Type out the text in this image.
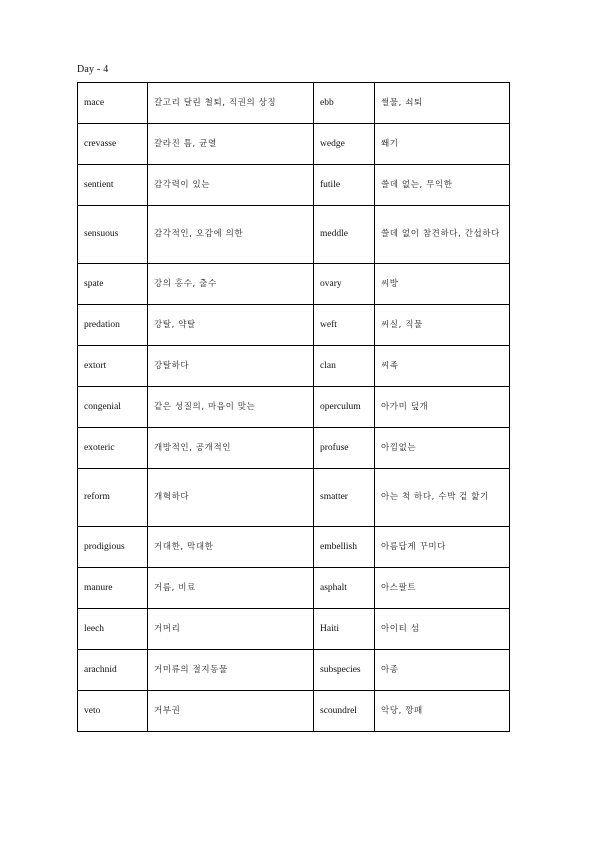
Day - 4
mace	갈고리 달린 철퇴, 직권의 상징	ebb	썰물, 쇠퇴
crevasse	갈라진 틈, 균열	wedge	쐐기
sentient	감각력이 있는	futile	쓸데 없는, 무익한
sensuous	감각적인, 오감에 의한	meddle	쓸데 없이 참견하다, 간섭하다
spate	강의 홍수, 출수	ovary	씨방
predation	강탈, 약탈	weft	씨실, 직물
extort	강탈하다	clan	씨족
congenial	같은 성질의, 마음이 맞는	operculum	아가미 덮개
exoteric	개방적인, 공개적인	profuse	아낌없는
reform	개혁하다	smatter	아는 척 하다, 수박 겉 핥기
prodigious	거대한, 막대한	embellish	아름답게 꾸미다
manure	거름, 비료	asphalt	아스팔트
leech	거머리	Haiti	아이티 섬
arachnid	거미류의 절지동물	subspecies	아종
veto	거부권	scoundrel	악당, 깡패
